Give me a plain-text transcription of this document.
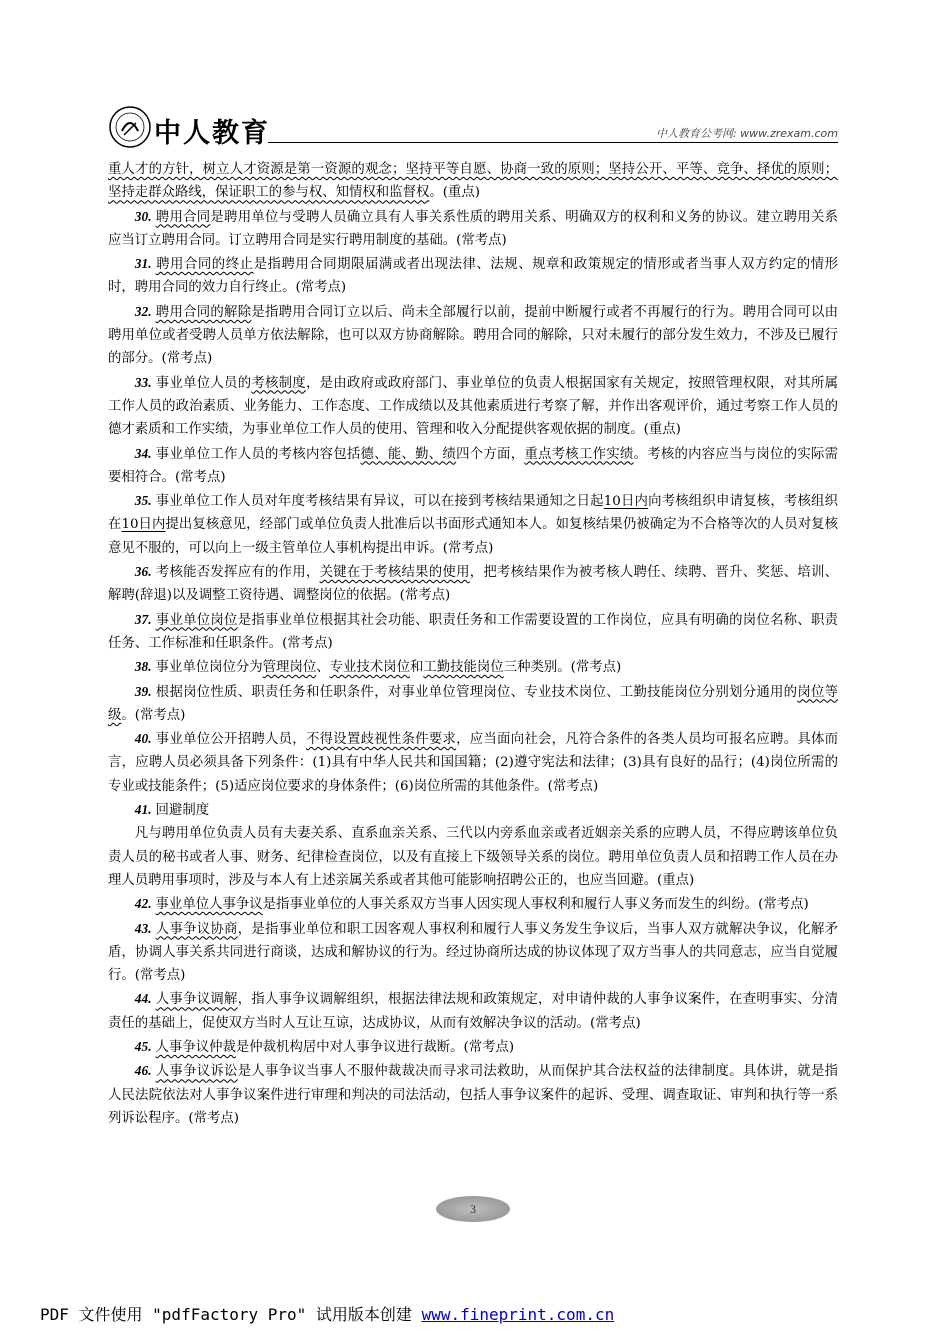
中人教育	中人教育公考网: www.zrexam.com

重人才的方针，树立人才资源是第一资源的观念；坚持平等自愿、协商一致的原则；坚持公开、平等、竞争、择优的原则；坚持走群众路线，保证职工的参与权、知情权和监督权。(重点)

30. 聘用合同是聘用单位与受聘人员确立具有人事关系性质的聘用关系、明确双方的权利和义务的协议。建立聘用关系应当订立聘用合同。订立聘用合同是实行聘用制度的基础。(常考点)

31. 聘用合同的终止是指聘用合同期限届满或者出现法律、法规、规章和政策规定的情形或者当事人双方约定的情形时，聘用合同的效力自行终止。(常考点)

32. 聘用合同的解除是指聘用合同订立以后、尚未全部履行以前，提前中断履行或者不再履行的行为。聘用合同可以由聘用单位或者受聘人员单方依法解除，也可以双方协商解除。聘用合同的解除，只对未履行的部分发生效力，不涉及已履行的部分。(常考点)

33. 事业单位人员的考核制度，是由政府或政府部门、事业单位的负责人根据国家有关规定，按照管理权限，对其所属工作人员的政治素质、业务能力、工作态度、工作成绩以及其他素质进行考察了解，并作出客观评价，通过考察工作人员的德才素质和工作实绩，为事业单位工作人员的使用、管理和收入分配提供客观依据的制度。(重点)

34. 事业单位工作人员的考核内容包括德、能、勤、绩四个方面，重点考核工作实绩。考核的内容应当与岗位的实际需要相符合。(常考点)

35. 事业单位工作人员对年度考核结果有异议，可以在接到考核结果通知之日起10日内向考核组织申请复核，考核组织在10日内提出复核意见，经部门或单位负责人批准后以书面形式通知本人。如复核结果仍被确定为不合格等次的人员对复核意见不服的，可以向上一级主管单位人事机构提出申诉。(常考点)

36. 考核能否发挥应有的作用，关键在于考核结果的使用，把考核结果作为被考核人聘任、续聘、晋升、奖惩、培训、解聘(辞退)以及调整工资待遇、调整岗位的依据。(常考点)

37. 事业单位岗位是指事业单位根据其社会功能、职责任务和工作需要设置的工作岗位，应具有明确的岗位名称、职责任务、工作标准和任职条件。(常考点)

38. 事业单位岗位分为管理岗位、专业技术岗位和工勤技能岗位三种类别。(常考点)

39. 根据岗位性质、职责任务和任职条件，对事业单位管理岗位、专业技术岗位、工勤技能岗位分别划分通用的岗位等级。(常考点)

40. 事业单位公开招聘人员，不得设置歧视性条件要求，应当面向社会，凡符合条件的各类人员均可报名应聘。具体而言，应聘人员必须具备下列条件：(1)具有中华人民共和国国籍；(2)遵守宪法和法律；(3)具有良好的品行；(4)岗位所需的专业或技能条件；(5)适应岗位要求的身体条件；(6)岗位所需的其他条件。(常考点)

41. 回避制度

凡与聘用单位负责人员有夫妻关系、直系血亲关系、三代以内旁系血亲或者近姻亲关系的应聘人员，不得应聘该单位负责人员的秘书或者人事、财务、纪律检查岗位，以及有直接上下级领导关系的岗位。聘用单位负责人员和招聘工作人员在办理人员聘用事项时，涉及与本人有上述亲属关系或者其他可能影响招聘公正的，也应当回避。(重点)

42. 事业单位人事争议是指事业单位的人事关系双方当事人因实现人事权利和履行人事义务而发生的纠纷。(常考点)

43. 人事争议协商，是指事业单位和职工因客观人事权利和履行人事义务发生争议后，当事人双方就解决争议，化解矛盾，协调人事关系共同进行商谈，达成和解协议的行为。经过协商所达成的协议体现了双方当事人的共同意志，应当自觉履行。(常考点)

44. 人事争议调解，指人事争议调解组织，根据法律法规和政策规定，对申请仲裁的人事争议案件，在查明事实、分清责任的基础上，促使双方当时人互让互谅，达成协议，从而有效解决争议的活动。(常考点)

45. 人事争议仲裁是仲裁机构居中对人事争议进行裁断。(常考点)

46. 人事争议诉讼是人事争议当事人不服仲裁裁决而寻求司法救助，从而保护其合法权益的法律制度。具体讲，就是指人民法院依法对人事争议案件进行审理和判决的司法活动，包括人事争议案件的起诉、受理、调查取证、审判和执行等一系列诉讼程序。(常考点)

3
PDF 文件使用 "pdfFactory Pro" 试用版本创建 www.fineprint.com.cn
